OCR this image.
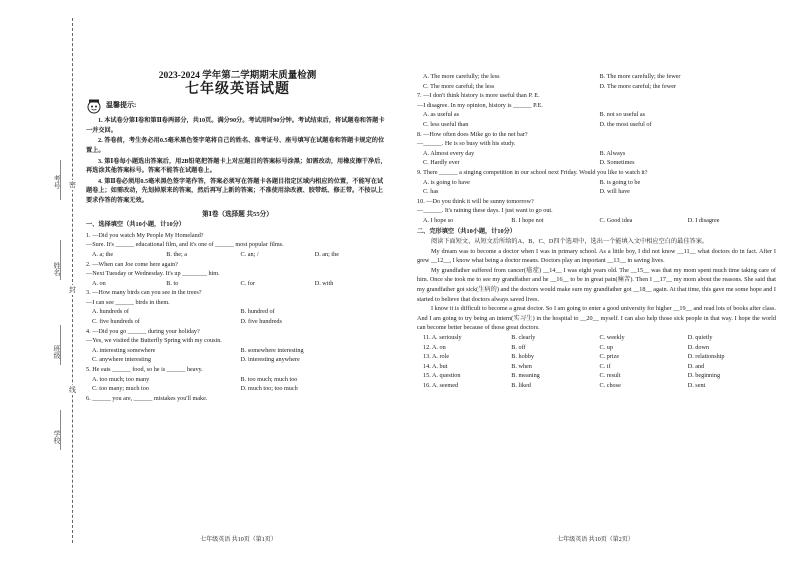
考号
姓名
班级
学校
密
封
线
2023-2024 学年第二学期期末质量检测
七年级英语试题
温馨提示:

1. 本试卷分第Ⅰ卷和第Ⅱ卷两部分，共10页。满分90分。考试用时90分钟。考试结束后，将试题卷和答题卡一并交回。

2. 答卷前，考生务必用0.5毫米黑色签字笔将自己的姓名、准考证号、座号填写在试题卷和答题卡规定的位置上。

3. 第Ⅰ卷每小题选出答案后，用2B铅笔把答题卡上对应题目的答案标号涂黑；如需改动，用橡皮擦干净后，再选涂其他答案标号。答案不能答在试题卷上。

4. 第Ⅱ卷必须用0.5毫米黑色签字笔作答，答案必须写在答题卡各题目指定区域内相应的位置，不能写在试题卷上；如需改动，先划掉原来的答案，然后再写上新的答案；不准使用涂改液、胶带纸、修正带。不按以上要求作答的答案无效。

第Ⅰ卷（选择题 共55分）
一、选择填空（共10小题，计10分）

1. —Did you watch My People My Homeland?

—Sure. It's ______ educational film, and it's one of ______ most popular films.

A. a; the	B. the; a	C. an; /	D. an; the

2. —When can Joe come here again?

—Next Tuesday or Wednesday. It's up ________ him.

A. on	B. to	C. for	D. with

3. —How many birds can you see in the trees?

—I can see ______ birds in them.

A. hundreds of	B. hundred of
C. five hundreds of	D. five hundreds

4. —Did you go ______ during your holiday?

—Yes, we visited the Butterfly Spring with my cousin.

A. interesting somewhere	B. somewhere interesting
C. anywhere interesting	D. interesting anywhere

5. He eats ______ food, so he is ______ heavy.

A. too much; too many	B. too much; much too
C. too many; much too	D. much too; too much

6. ______ you are, ______ mistakes you'll make.

七年级英语 共10页（第1页）
A. The more carefully; the less	B. The more carefully; the fewer
C. The more careful; the less	D. The more careful; the fewer

7. —I don't think history is more useful than P. E.

—I disagree. In my opinion, history is ______ P.E.

A. as useful as	B. not so useful as
C. less useful than	D. the most useful of

8. —How often does Mike go to the net bar?

—______. He is so busy with his study.

A. Almost every day	B. Always
C. Hardly ever	D. Sometimes

9. There ______ a singing competition in our school next Friday. Would you like to watch it?

A. is going to have	B. is going to be
C. has	D. will have

10. —Do you think it will be sunny tomorrow?

—______. It's raining these days. I just want to go out.

A. I hope so	B. I hope not	C. Good idea	D. I disagree
二、完形填空（共10小题，计10分）

阅读下面短文，从短文后所给的A、B、C、D四个选项中，选出一个能填入文中相应空白的最佳答案。

My dream was to become a doctor when I was in primary school. As a little boy, I did not know __11__ what doctors do in fact. After I grew __12__, I know what being a doctor means. Doctors play an important __13__ in saving lives.

My grandfather suffered from cancer(癌症) __14__ I was eight years old. The __15__ was that my mom spent much time taking care of him. Once she took me to see my grandfather and he __16__ to be in great pain(痛苦). Then I __17__ my mom about the reasons. She said that my grandfather got sick(生病的) and the doctors would make sure my grandfather got __18__ again. At that time, this gave me some hope and I started to believe that doctors always saved lives.

I know it is difficult to become a great doctor. So I am going to enter a good university for higher __19__ and read lots of books after class. And I am going to try being an intern(实习生) in the hospital to __20__ myself. I can also help those sick people in that way. I hope the world can become better because of those great doctors.

11. A. seriously	B. clearly	C. weekly	D. quietly
12. A. on	B. off	C. up	D. down
13. A. role	B. hobby	C. prize	D. relationship
14. A. but	B. when	C. if	D. and
15. A. question	B. meaning	C. result	D. beginning
16. A. seemed	B. liked	C. chose	D. sent
七年级英语 共10页（第2页）
